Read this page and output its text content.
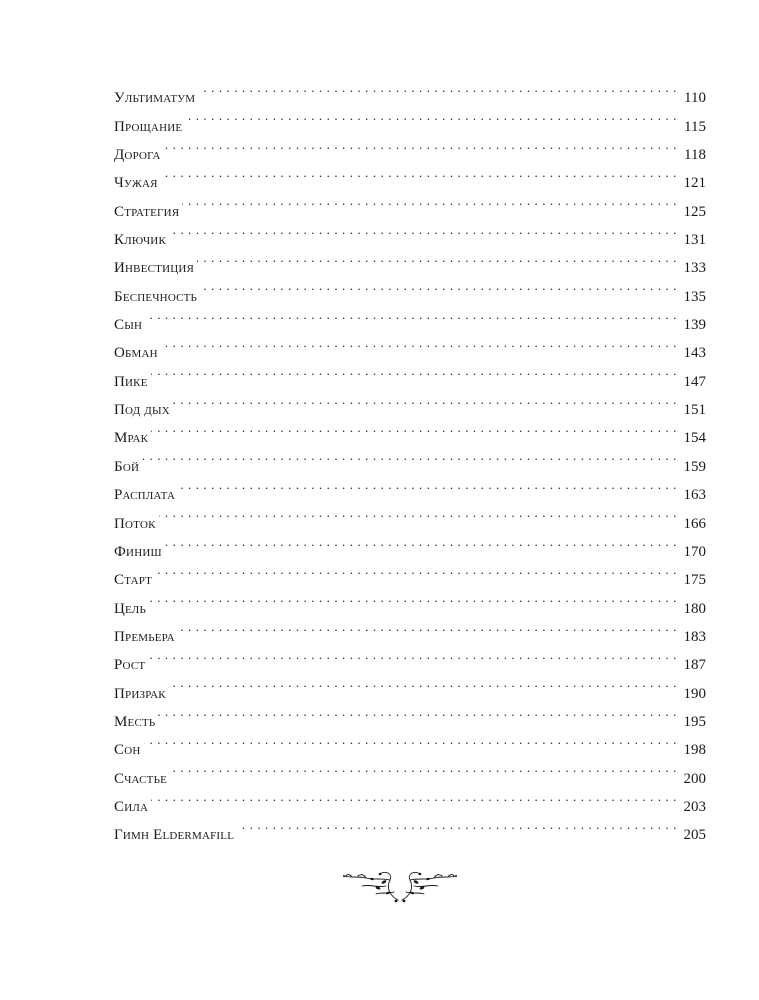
Ультиматум . . .	110
Прощание . . .	115
Дорога . . .	118
Чужая . . .	121
Стратегия . . .	125
Ключик . . .	131
Инвестиция . . .	133
Беспечность . . .	135
Сын . . .	139
Обман . . .	143
Пике . . .	147
Под дых . . .	151
Мрак . . .	154
Бой . . .	159
Расплата . . .	163
Поток . . .	166
Финиш . . .	170
Старт . . .	175
Цель . . .	180
Премьера . . .	183
Рост . . .	187
Призрак . . .	190
Месть . . .	195
Сон . . .	198
Счастье . . .	200
Сила . . .	203
Гимн Eldermafill . . .	205
